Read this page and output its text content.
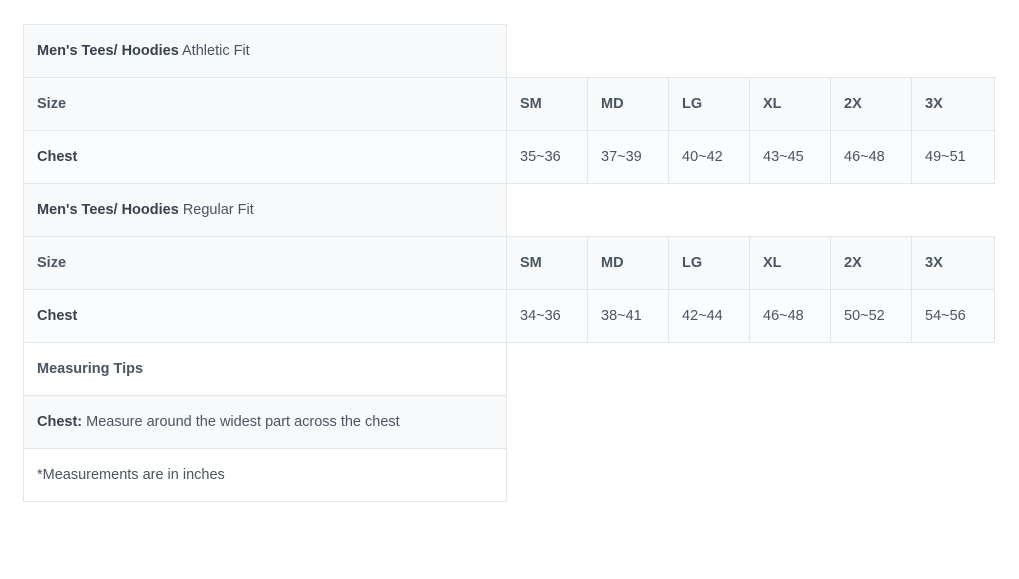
Men's Tees/ Hoodies Athletic Fit						
Size	SM	MD	LG	XL	2X	3X
Chest	35~36	37~39	40~42	43~45	46~48	49~51
Men's Tees/ Hoodies Regular Fit						
Size	SM	MD	LG	XL	2X	3X
Chest	34~36	38~41	42~44	46~48	50~52	54~56
Measuring Tips						
Chest: Measure around the widest part across the chest						
*Measurements are in inches						
